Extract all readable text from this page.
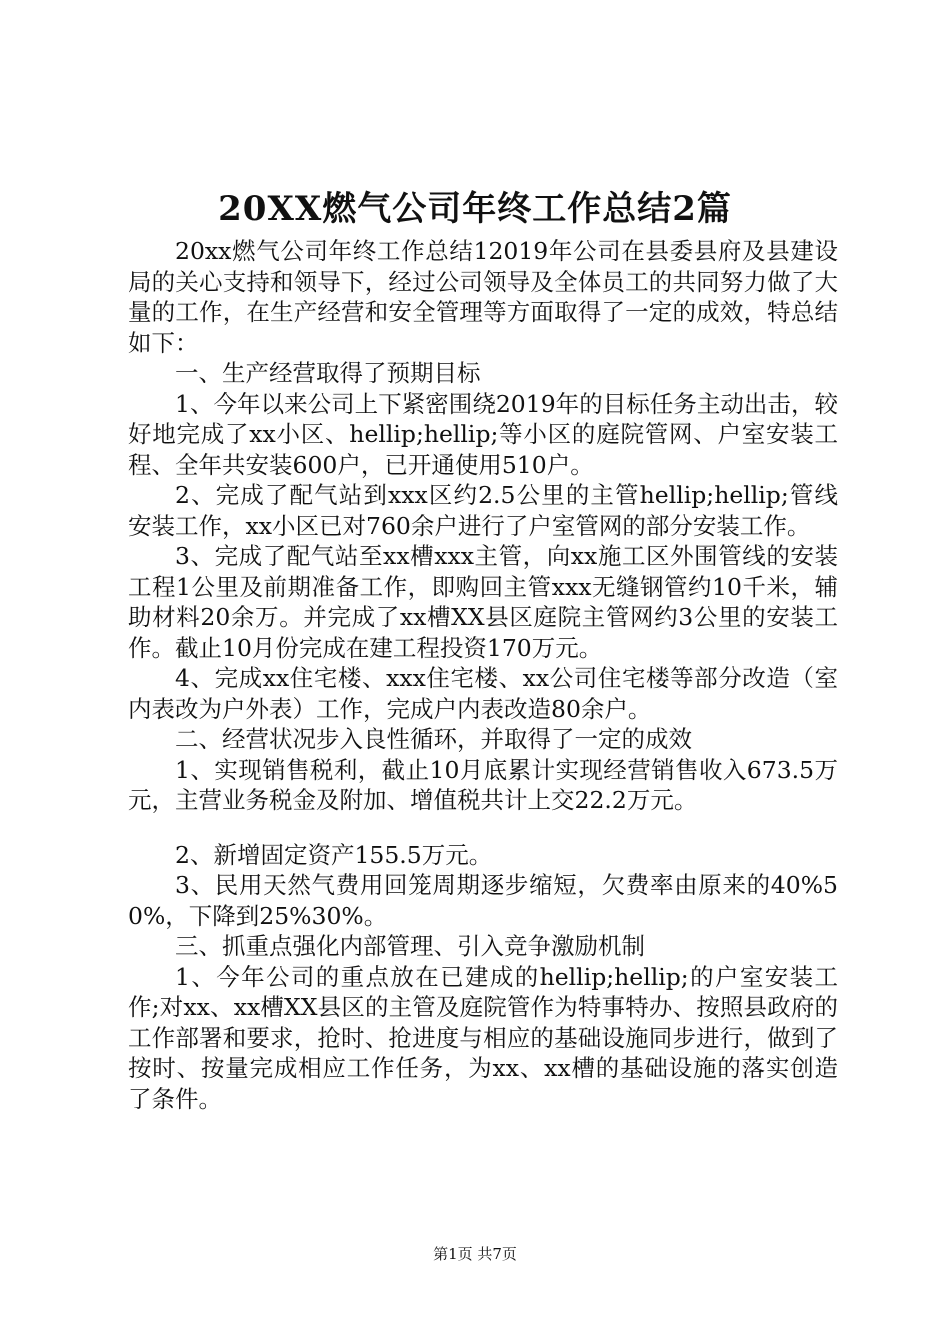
20XX燃气公司年终工作总结2篇

20xx燃气公司年终工作总结12019年公司在县委县府及县建设局的关心支持和领导下，经过公司领导及全体员工的共同努力做了大量的工作，在生产经营和安全管理等方面取得了一定的成效，特总结如下：

一、生产经营取得了预期目标

1、今年以来公司上下紧密围绕2019年的目标任务主动出击，较好地完成了xx小区、hellip;hellip;等小区的庭院管网、户室安装工程、全年共安装600户，已开通使用510户。

2、完成了配气站到xxx区约2.5公里的主管hellip;hellip;管线安装工作，xx小区已对760余户进行了户室管网的部分安装工作。

3、完成了配气站至xx槽xxx主管，向xx施工区外围管线的安装工程1公里及前期准备工作，即购回主管xxx无缝钢管约10千米，辅助材料20余万。并完成了xx槽XX县区庭院主管网约3公里的安装工作。截止10月份完成在建工程投资170万元。

4、完成xx住宅楼、xxx住宅楼、xx公司住宅楼等部分改造（室内表改为户外表）工作，完成户内表改造80余户。

二、经营状况步入良性循环，并取得了一定的成效

1、实现销售税利，截止10月底累计实现经营销售收入673.5万元，主营业务税金及附加、增值税共计上交22.2万元。

2、新增固定资产155.5万元。

3、民用天然气费用回笼周期逐步缩短，欠费率由原来的40%50%，下降到25%30%。

三、抓重点强化内部管理、引入竞争激励机制

1、今年公司的重点放在已建成的hellip;hellip;的户室安装工作;对xx、xx槽XX县区的主管及庭院管作为特事特办、按照县政府的工作部署和要求，抢时、抢进度与相应的基础设施同步进行，做到了按时、按量完成相应工作任务，为xx、xx槽的基础设施的落实创造了条件。

第1页 共7页
